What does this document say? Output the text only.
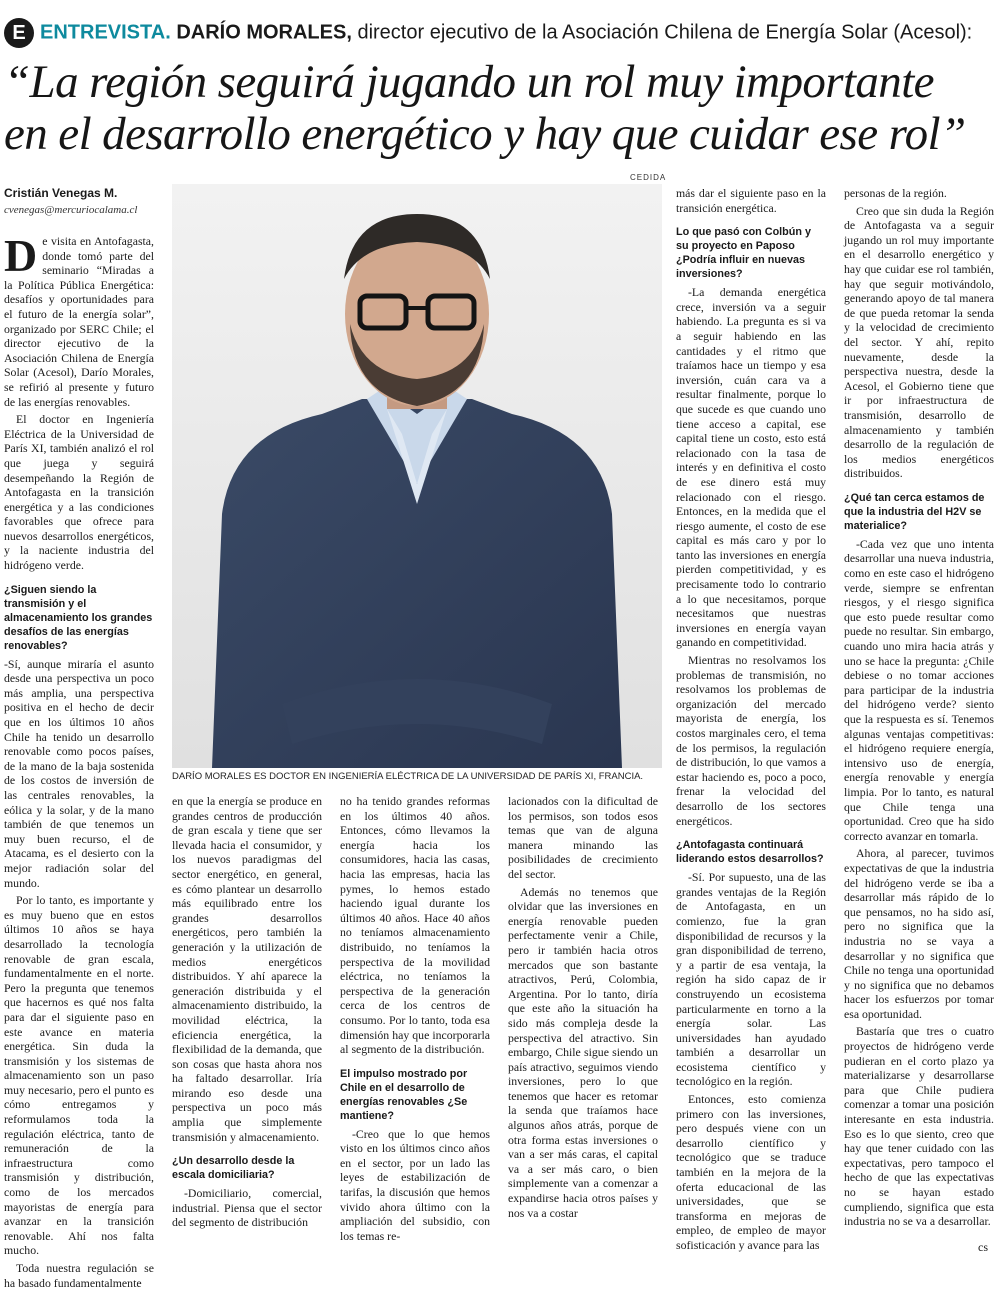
E ENTREVISTA. DARÍO MORALES, director ejecutivo de la Asociación Chilena de Energía Solar (Acesol):
“La región seguirá jugando un rol muy importante
en el desarrollo energético y hay que cuidar ese rol”
Cristián Venegas M.
cvenegas@mercuriocalama.cl
CEDIDA
DARÍO MORALES ES DOCTOR EN INGENIERÍA ELÉCTRICA DE LA UNIVERSIDAD DE PARÍS XI, FRANCIA.

De visita en Antofagasta, donde tomó parte del seminario “Miradas a la Política Pública Energética: desafíos y oportunidades para el futuro de la energía solar”, organizado por SERC Chile; el director ejecutivo de la Asociación Chilena de Energía Solar (Acesol), Darío Morales, se refirió al presente y futuro de las energías renovables.

El doctor en Ingeniería Eléctrica de la Universidad de París XI, también analizó el rol que juega y seguirá desempeñando la Región de Antofagasta en la transición energética y a las condiciones favorables que ofrece para nuevos desarrollos energéticos, y la naciente industria del hidrógeno verde.

¿Siguen siendo la transmisión y el almacenamiento los grandes desafíos de las energías renovables?

-Sí, aunque miraría el asunto desde una perspectiva un poco más amplia, una perspectiva positiva en el hecho de decir que en los últimos 10 años Chile ha tenido un desarrollo renovable como pocos países, de la mano de la baja sostenida de los costos de inversión de las centrales renovables, la eólica y la solar, y de la mano también de que tenemos un muy buen recurso, el de Atacama, es el desierto con la mejor radiación solar del mundo.

Por lo tanto, es importante y es muy bueno que en estos últimos 10 años se haya desarrollado la tecnología renovable de gran escala, fundamentalmente en el norte. Pero la pregunta que tenemos que hacernos es qué nos falta para dar el siguiente paso en este avance en materia energética. Sin duda la transmisión y los sistemas de almacenamiento son un paso muy necesario, pero el punto es cómo entregamos y reformulamos toda la regulación eléctrica, tanto de remuneración de la infraestructura como transmisión y distribución, como de los mercados mayoristas de energía para avanzar en la transición renovable. Ahí nos falta mucho.

Toda nuestra regulación se ha basado fundamentalmente

en que la energía se produce en grandes centros de producción de gran escala y tiene que ser llevada hacia el consumidor, y los nuevos paradigmas del sector energético, en general, es cómo plantear un desarrollo más equilibrado entre los grandes desarrollos energéticos, pero también la generación y la utilización de medios energéticos distribuidos. Y ahí aparece la generación distribuida y el almacenamiento distribuido, la movilidad eléctrica, la eficiencia energética, la flexibilidad de la demanda, que son cosas que hasta ahora nos ha faltado desarrollar. Iría mirando eso desde una perspectiva un poco más amplia que simplemente transmisión y almacenamiento.

¿Un desarrollo desde la escala domiciliaria?

-Domiciliario, comercial, industrial. Piensa que el sector del segmento de distribución

no ha tenido grandes reformas en los últimos 40 años. Entonces, cómo llevamos la energía hacia los consumidores, hacia las casas, hacia las empresas, hacia las pymes, lo hemos estado haciendo igual durante los últimos 40 años. Hace 40 años no teníamos almacenamiento distribuido, no teníamos la perspectiva de la movilidad eléctrica, no teníamos la perspectiva de la generación cerca de los centros de consumo. Por lo tanto, toda esa dimensión hay que incorporarla al segmento de la distribución.

El impulso mostrado por Chile en el desarrollo de energías renovables ¿Se mantiene?

-Creo que lo que hemos visto en los últimos cinco años en el sector, por un lado las leyes de estabilización de tarifas, la discusión que hemos vivido ahora último con la ampliación del subsidio, con los temas re-

lacionados con la dificultad de los permisos, son todos esos temas que van de alguna manera minando las posibilidades de crecimiento del sector.

Además no tenemos que olvidar que las inversiones en energía renovable pueden perfectamente venir a Chile, pero ir también hacia otros mercados que son bastante atractivos, Perú, Colombia, Argentina. Por lo tanto, diría que este año la situación ha sido más compleja desde la perspectiva del atractivo. Sin embargo, Chile sigue siendo un país atractivo, seguimos viendo inversiones, pero lo que tenemos que hacer es retomar la senda que traíamos hace algunos años atrás, porque de otra forma estas inversiones o van a ser más caras, el capital va a ser más caro, o bien simplemente van a comenzar a expandirse hacia otros países y nos va a costar

más dar el siguiente paso en la transición energética.

Lo que pasó con Colbún y su proyecto en Paposo ¿Podría influir en nuevas inversiones?

-La demanda energética crece, inversión va a seguir habiendo. La pregunta es si va a seguir habiendo en las cantidades y el ritmo que traíamos hace un tiempo y esa inversión, cuán cara va a resultar finalmente, porque lo que sucede es que cuando uno tiene acceso a capital, ese capital tiene un costo, esto está relacionado con la tasa de interés y en definitiva el costo de ese dinero está muy relacionado con el riesgo. Entonces, en la medida que el riesgo aumente, el costo de ese capital es más caro y por lo tanto las inversiones en energía pierden competitividad, y es precisamente todo lo contrario a lo que necesitamos, porque necesitamos que nuestras inversiones en energía vayan ganando en competitividad.

Mientras no resolvamos los problemas de transmisión, no resolvamos los problemas de organización del mercado mayorista de energía, los costos marginales cero, el tema de los permisos, la regulación de distribución, lo que vamos a estar haciendo es, poco a poco, frenar la velocidad del desarrollo de los sectores energéticos.

¿Antofagasta continuará liderando estos desarrollos?

-Sí. Por supuesto, una de las grandes ventajas de la Región de Antofagasta, en un comienzo, fue la gran disponibilidad de recursos y la gran disponibilidad de terreno, y a partir de esa ventaja, la región ha sido capaz de ir construyendo un ecosistema particularmente en torno a la energía solar. Las universidades han ayudado también a desarrollar un ecosistema científico y tecnológico en la región.

Entonces, esto comienza primero con las inversiones, pero después viene con un desarrollo científico y tecnológico que se traduce también en la mejora de la oferta educacional de las universidades, que se transforma en mejoras de empleo, de empleo de mayor sofisticación y avance para las

personas de la región.

Creo que sin duda la Región de Antofagasta va a seguir jugando un rol muy importante en el desarrollo energético y hay que cuidar ese rol también, hay que seguir motivándolo, generando apoyo de tal manera de que pueda retomar la senda y la velocidad de crecimiento del sector. Y ahí, repito nuevamente, desde la perspectiva nuestra, desde la Acesol, el Gobierno tiene que ir por infraestructura de transmisión, desarrollo de almacenamiento y también desarrollo de la regulación de los medios energéticos distribuidos.

¿Qué tan cerca estamos de que la industria del H2V se materialice?

-Cada vez que uno intenta desarrollar una nueva industria, como en este caso el hidrógeno verde, siempre se enfrentan riesgos, y el riesgo significa que esto puede resultar como puede no resultar. Sin embargo, cuando uno mira hacia atrás y uno se hace la pregunta: ¿Chile debiese o no tomar acciones para participar de la industria del hidrógeno verde? siento que la respuesta es sí. Tenemos algunas ventajas competitivas: el hidrógeno requiere energía, intensivo uso de energía, energía renovable y energía limpia. Por lo tanto, es natural que Chile tenga una oportunidad. Creo que ha sido correcto avanzar en tomarla.

Ahora, al parecer, tuvimos expectativas de que la industria del hidrógeno verde se iba a desarrollar más rápido de lo que pensamos, no ha sido así, pero no significa que la industria no se vaya a desarrollar y no significa que Chile no tenga una oportunidad y no significa que no debamos hacer los esfuerzos por tomar esa oportunidad.

Bastaría que tres o cuatro proyectos de hidrógeno verde pudieran en el corto plazo ya materializarse y desarrollarse para que Chile pudiera comenzar a tomar una posición interesante en esta industria. Eso es lo que siento, creo que hay que tener cuidado con las expectativas, pero tampoco el hecho de que las expectativas no se hayan estado cumpliendo, significa que esta industria no se va a desarrollar.

cs
